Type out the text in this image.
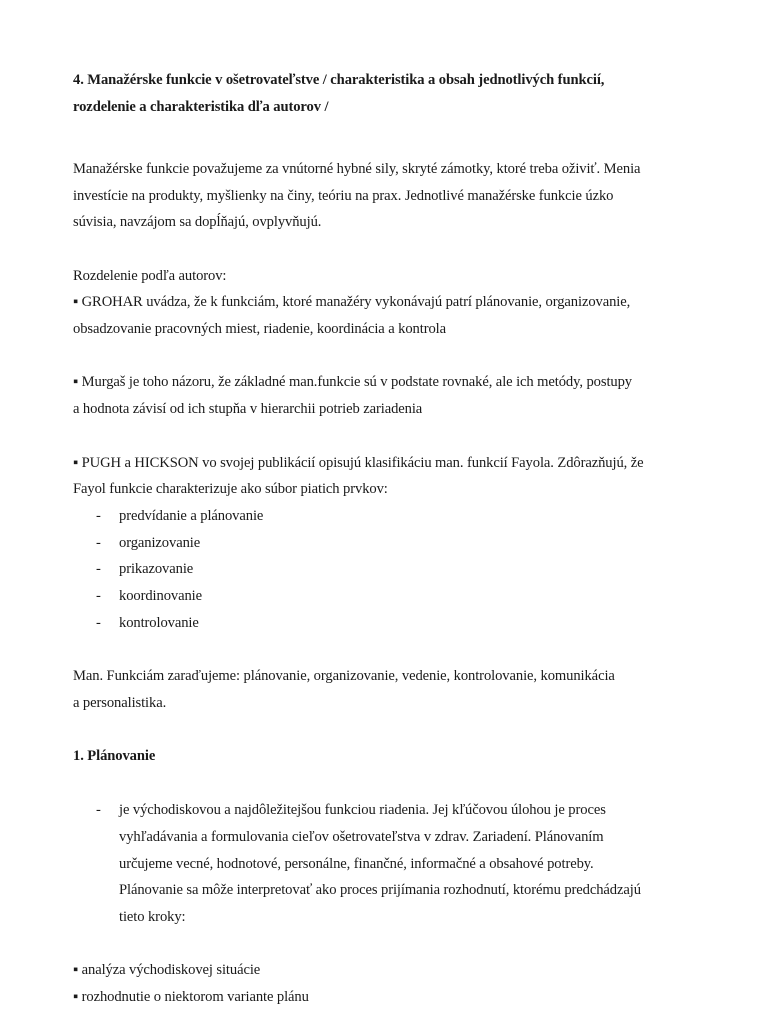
4. Manažérske funkcie v ošetrovateľstve / charakteristika a obsah jednotlivých funkcií,
rozdelenie a charakteristika dľa autorov /
Manažérske funkcie považujeme za vnútorné hybné sily, skryté zámotky, ktoré treba oživiť. Menia
investície na produkty, myšlienky na činy, teóriu na prax. Jednotlivé manažérske funkcie úzko
súvisia, navzájom sa dopĺňajú, ovplyvňujú.
Rozdelenie podľa autorov:
▪ GROHAR uvádza, že k funkciám, ktoré manažéry vykonávajú patrí plánovanie, organizovanie,
obsadzovanie pracovných miest, riadenie, koordinácia a kontrola
▪ Murgaš je toho názoru, že základné man.funkcie sú v podstate rovnaké, ale ich metódy, postupy
a hodnota závisí od ich stupňa v hierarchii potrieb zariadenia
▪ PUGH a HICKSON vo svojej publikácií opisujú klasifikáciu man. funkcií Fayola. Zdôrazňujú, že
Fayol funkcie charakterizuje ako súbor piatich prvkov:
- predvídanie a plánovanie
- organizovanie
- prikazovanie
- koordinovanie
- kontrolovanie
Man. Funkciám zaraďujeme: plánovanie, organizovanie, vedenie, kontrolovanie, komunikácia
a personalistika.
1. Plánovanie
- je východiskovou a najdôležitejšou funkciou riadenia. Jej kľúčovou úlohou je proces
vyhľadávania a formulovania cieľov ošetrovateľstva v zdrav. Zariadení. Plánovaním
určujeme vecné, hodnotové, personálne, finančné, informačné a obsahové potreby.
Plánovanie sa môže interpretovať ako proces prijímania rozhodnutí, ktorému predchádzajú
tieto kroky:
▪ analýza východiskovej situácie
▪ rozhodnutie o niektorom variante plánu
